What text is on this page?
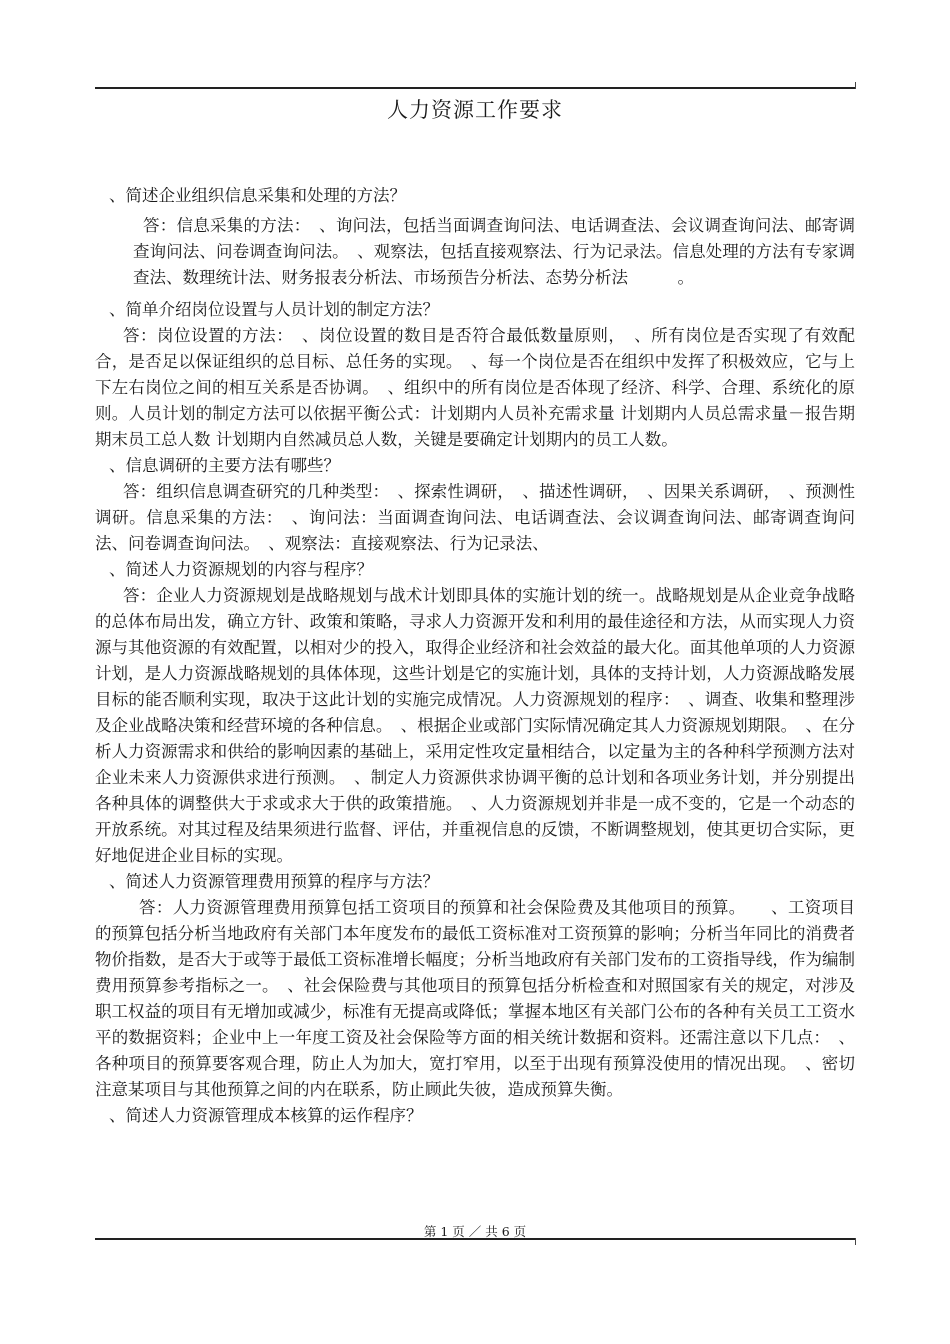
人力资源工作要求

、简述企业组织信息采集和处理的方法？

答：信息采集的方法：　、询问法，包括当面调查询问法、电话调查法、会议调查询问法、邮寄调查询问法、问卷调查询问法。　、观察法，包括直接观察法、行为记录法。信息处理的方法有专家调查法、数理统计法、财务报表分析法、市场预告分析法、态势分析法　　　。

、简单介绍岗位设置与人员计划的制定方法？

答：岗位设置的方法：　、岗位设置的数目是否符合最低数量原则，　、所有岗位是否实现了有效配合，是否足以保证组织的总目标、总任务的实现。　、每一个岗位是否在组织中发挥了积极效应，它与上下左右岗位之间的相互关系是否协调。　、组织中的所有岗位是否体现了经济、科学、合理、系统化的原则。人员计划的制定方法可以依据平衡公式：计划期内人员补充需求量 计划期内人员总需求量－报告期期末员工总人数 计划期内自然减员总人数，关键是要确定计划期内的员工人数。

、信息调研的主要方法有哪些？

答：组织信息调查研究的几种类型：　、探索性调研，　、描述性调研，　、因果关系调研，　、预测性调研。信息采集的方法：　、询问法：当面调查询问法、电话调查法、会议调查询问法、邮寄调查询问法、问卷调查询问法。　、观察法：直接观察法、行为记录法、

、简述人力资源规划的内容与程序？

答：企业人力资源规划是战略规划与战术计划即具体的实施计划的统一。战略规划是从企业竞争战略的总体布局出发，确立方针、政策和策略，寻求人力资源开发和利用的最佳途径和方法，从而实现人力资源与其他资源的有效配置，以相对少的投入，取得企业经济和社会效益的最大化。面其他单项的人力资源计划，是人力资源战略规划的具体体现，这些计划是它的实施计划，具体的支持计划，人力资源战略发展目标的能否顺利实现，取决于这此计划的实施完成情况。人力资源规划的程序：　、调查、收集和整理涉及企业战略决策和经营环境的各种信息。　、根据企业或部门实际情况确定其人力资源规划期限。　、在分析人力资源需求和供给的影响因素的基础上，采用定性攻定量相结合，以定量为主的各种科学预测方法对企业未来人力资源供求进行预测。　、制定人力资源供求协调平衡的总计划和各项业务计划，并分别提出各种具体的调整供大于求或求大于供的政策措施。　、人力资源规划并非是一成不变的，它是一个动态的开放系统。对其过程及结果须进行监督、评估，并重视信息的反馈，不断调整规划，使其更切合实际，更好地促进企业目标的实现。

、简述人力资源管理费用预算的程序与方法？

答：人力资源管理费用预算包括工资项目的预算和社会保险费及其他项目的预算。　　、工资项目的预算包括分析当地政府有关部门本年度发布的最低工资标准对工资预算的影响；分析当年同比的消费者物价指数，是否大于或等于最低工资标准增长幅度；分析当地政府有关部门发布的工资指导线，作为编制费用预算参考指标之一。　、社会保险费与其他项目的预算包括分析检查和对照国家有关的规定，对涉及职工权益的项目有无增加或减少，标准有无提高或降低；掌握本地区有关部门公布的各种有关员工工资水平的数据资料；企业中上一年度工资及社会保险等方面的相关统计数据和资料。还需注意以下几点：　、各种项目的预算要客观合理，防止人为加大，宽打窄用，以至于出现有预算没使用的情况出现。　、密切注意某项目与其他预算之间的内在联系，防止顾此失彼，造成预算失衡。

、简述人力资源管理成本核算的运作程序？

第 1 页 ／ 共 6 页
